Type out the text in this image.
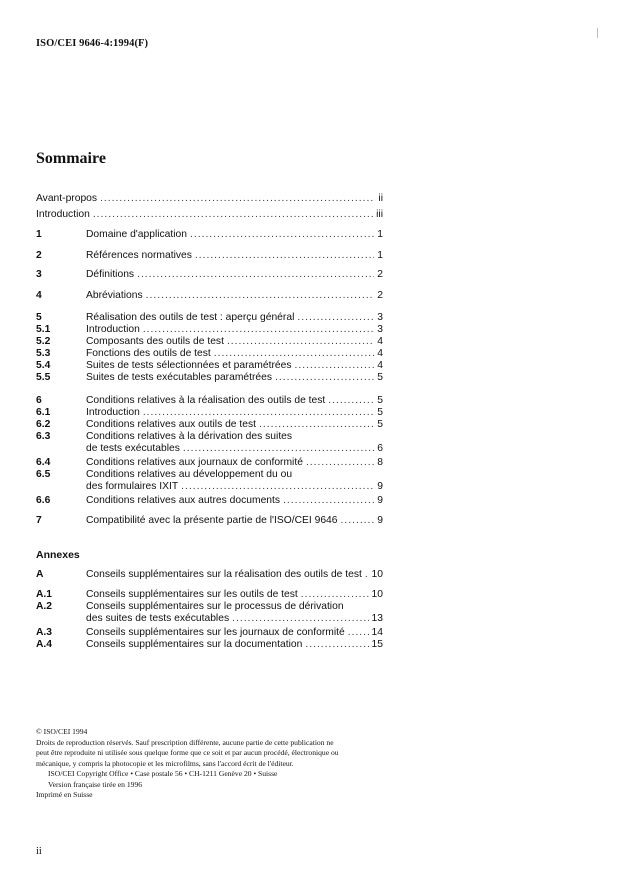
ISO/CEI 9646-4:1994(F)
Sommaire
Avant-propos .....	ii
Introduction .....	iii
1	Domaine d'application .....	1
2	Références normatives .....	1
3	Définitions .....	2
4	Abréviations .....	2
5	Réalisation des outils de test : aperçu général .....	3
5.1	Introduction .....	3
5.2	Composants des outils de test .....	4
5.3	Fonctions des outils de test .....	4
5.4	Suites de tests sélectionnées et paramétrées .....	4
5.5	Suites de tests exécutables paramétrées .....	5
6	Conditions relatives à la réalisation des outils de test .....	5
6.1	Introduction .....	5
6.2	Conditions relatives aux outils de test .....	5
6.3	Conditions relatives à la dérivation des suites
de tests exécutables .....	6
6.4	Conditions relatives aux journaux de conformité .....	8
6.5	Conditions relatives au développement du ou
des formulaires IXIT .....	9
6.6	Conditions relatives aux autres documents .....	9
7	Compatibilité avec la présente partie de l'ISO/CEI 9646 .....	9
Annexes
A	Conseils supplémentaires sur la réalisation des outils de test ..... 10
A.1	Conseils supplémentaires sur les outils de test .....	10
A.2	Conseils supplémentaires sur le processus de dérivation
des suites de tests exécutables .....	13
A.3	Conseils supplémentaires sur les journaux de conformité .....	14
A.4	Conseils supplémentaires sur la documentation .....	15
© ISO/CEI 1994
Droits de reproduction réservés. Sauf prescription différente, aucune partie de cette publication ne
peut être reproduite ni utilisée sous quelque forme que ce soit et par aucun procédé, électronique ou
mécanique, y compris la photocopie et les microfilms, sans l'accord écrit de l'éditeur.
ISO/CEI Copyright Office • Case postale 56 • CH-1211 Genève 20 • Suisse
Version française tirée en 1996
Imprimé en Suisse
ii
